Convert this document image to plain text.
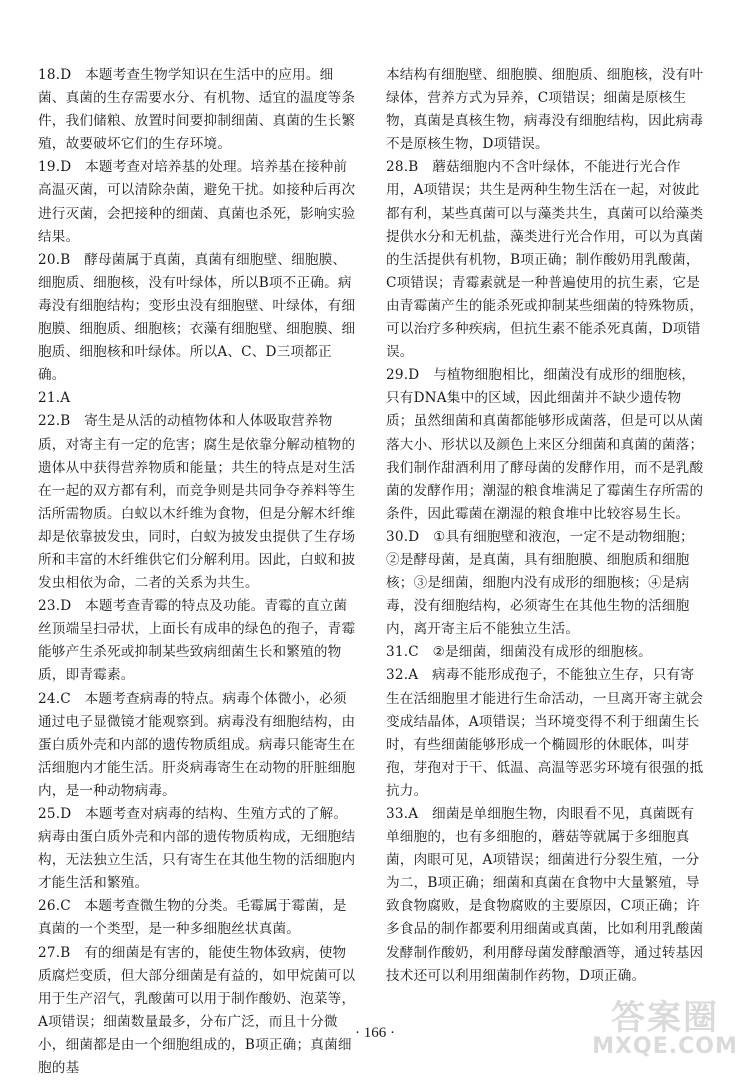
18.D  本题考查生物学知识在生活中的应用。细菌、真菌的生存需要水分、有机物、适宜的温度等条件，我们储粮、放置时间要抑制细菌、真菌的生长繁殖，故要破坏它们的生存环境。

19.D  本题考查对培养基的处理。培养基在接种前高温灭菌，可以清除杂菌，避免干扰。如接种后再次进行灭菌，会把接种的细菌、真菌也杀死，影响实验结果。

20.B  酵母菌属于真菌，真菌有细胞壁、细胞膜、细胞质、细胞核，没有叶绿体，所以B项不正确。病毒没有细胞结构；变形虫没有细胞壁、叶绿体，有细胞膜、细胞质、细胞核；衣藻有细胞壁、细胞膜、细胞质、细胞核和叶绿体。所以A、C、D三项都正确。

21.A 

22.B  寄生是从活的动植物体和人体吸取营养物质，对寄主有一定的危害；腐生是依靠分解动植物的遗体从中获得营养物质和能量；共生的特点是对生活在一起的双方都有利，而竞争则是共同争夺养料等生活所需物质。白蚁以木纤维为食物，但是分解木纤维却是依靠披发虫，同时，白蚁为披发虫提供了生存场所和丰富的木纤维供它们分解利用。因此，白蚁和披发虫相依为命，二者的关系为共生。

23.D  本题考查青霉的特点及功能。青霉的直立菌丝顶端呈扫帚状，上面长有成串的绿色的孢子，青霉能够产生杀死或抑制某些致病细菌生长和繁殖的物质，即青霉素。

24.C  本题考查病毒的特点。病毒个体微小，必须通过电子显微镜才能观察到。病毒没有细胞结构，由蛋白质外壳和内部的遗传物质组成。病毒只能寄生在活细胞内才能生活。肝炎病毒寄生在动物的肝脏细胞内，是一种动物病毒。

25.D  本题考查对病毒的结构、生殖方式的了解。病毒由蛋白质外壳和内部的遗传物质构成，无细胞结构，无法独立生活，只有寄生在其他生物的活细胞内才能生活和繁殖。

26.C  本题考查微生物的分类。毛霉属于霉菌，是真菌的一个类型，是一种多细胞丝状真菌。

27.B  有的细菌是有害的，能使生物体致病，使物质腐烂变质，但大部分细菌是有益的，如甲烷菌可以用于生产沼气，乳酸菌可以用于制作酸奶、泡菜等，A项错误；细菌数量最多，分布广泛，而且十分微小，细菌都是由一个细胞组成的，B项正确；真菌细胞的基

本结构有细胞壁、细胞膜、细胞质、细胞核，没有叶绿体，营养方式为异养，C项错误；细菌是原核生物，真菌是真核生物，病毒没有细胞结构，因此病毒不是原核生物，D项错误。

28.B  蘑菇细胞内不含叶绿体，不能进行光合作用，A项错误；共生是两种生物生活在一起，对彼此都有利，某些真菌可以与藻类共生，真菌可以给藻类提供水分和无机盐，藻类进行光合作用，可以为真菌的生活提供有机物，B项正确；制作酸奶用乳酸菌，C项错误；青霉素就是一种普遍使用的抗生素，它是由青霉菌产生的能杀死或抑制某些细菌的特殊物质，可以治疗多种疾病，但抗生素不能杀死真菌，D项错误。

29.D  与植物细胞相比，细菌没有成形的细胞核，只有DNA集中的区域，因此细菌并不缺少遗传物质；虽然细菌和真菌都能够形成菌落，但是可以从菌落大小、形状以及颜色上来区分细菌和真菌的菌落；我们制作甜酒利用了酵母菌的发酵作用，而不是乳酸菌的发酵作用；潮湿的粮食堆满足了霉菌生存所需的条件，因此霉菌在潮湿的粮食堆中比较容易生长。

30.D  ①具有细胞壁和液泡，一定不是动物细胞；②是酵母菌，是真菌，具有细胞膜、细胞质和细胞核；③是细菌，细胞内没有成形的细胞核；④是病毒，没有细胞结构，必须寄生在其他生物的活细胞内，离开寄主后不能独立生活。

31.C  ②是细菌，细菌没有成形的细胞核。

32.A  病毒不能形成孢子，不能独立生存，只有寄生在活细胞里才能进行生命活动，一旦离开寄主就会变成结晶体，A项错误；当环境变得不利于细菌生长时，有些细菌能够形成一个椭圆形的休眠体，叫芽孢，芽孢对于干、低温、高温等恶劣环境有很强的抵抗力。

33.A  细菌是单细胞生物，肉眼看不见，真菌既有单细胞的，也有多细胞的，蘑菇等就属于多细胞真菌，肉眼可见，A项错误；细菌进行分裂生殖，一分为二，B项正确；细菌和真菌在食物中大量繁殖，导致食物腐败，是食物腐败的主要原因，C项正确；许多食品的制作都要利用细菌或真菌，比如利用乳酸菌发酵制作酸奶，利用酵母菌发酵酿酒等，通过转基因技术还可以利用细菌制作药物，D项正确。

· 166 ·	答案圈
MXQE.COM
